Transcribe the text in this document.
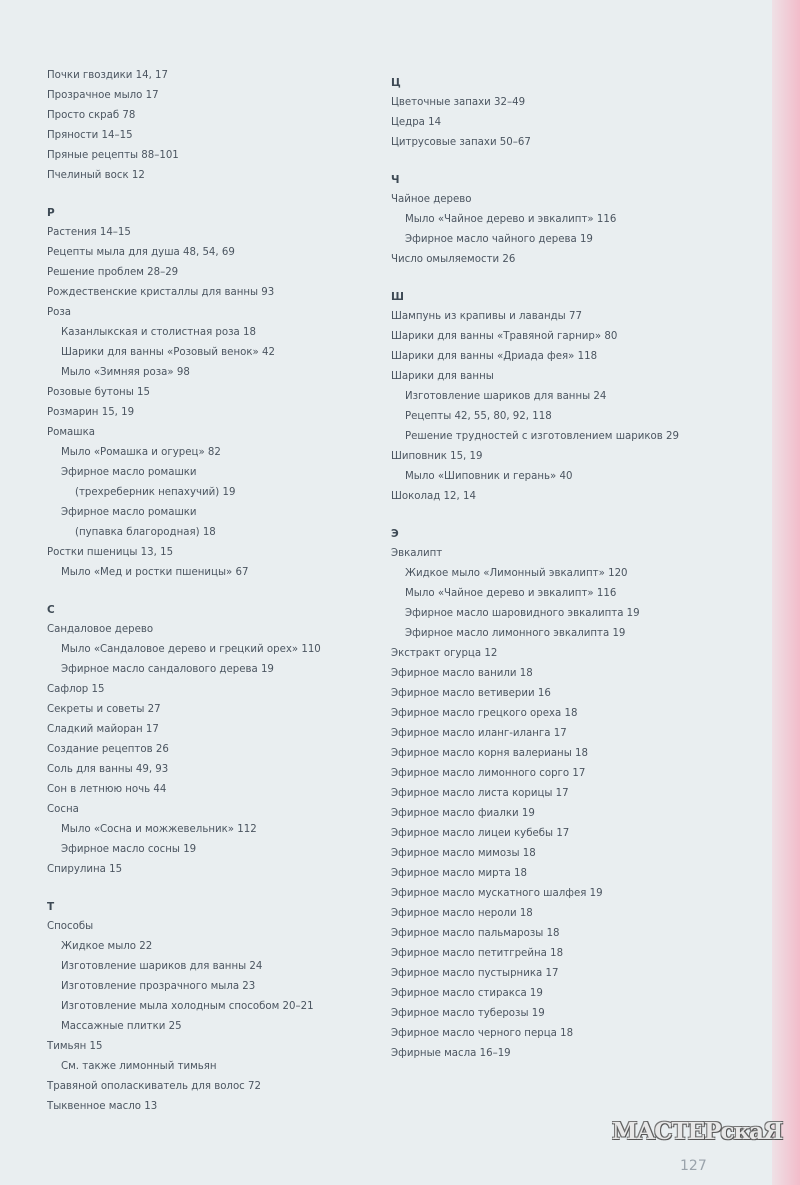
Почки гвоздики 14, 17
Прозрачное мыло 17
Просто скраб 78
Пряности 14–15
Пряные рецепты 88–101
Пчелиный воск 12
Р
Растения 14–15
Рецепты мыла для душа 48, 54, 69
Решение проблем 28–29
Рождественские кристаллы для ванны 93
Роза
Казанлыкская и столистная роза 18
Шарики для ванны «Розовый венок» 42
Мыло «Зимняя роза» 98
Розовые бутоны 15
Розмарин 15, 19
Ромашка
Мыло «Ромашка и огурец» 82
Эфирное масло ромашки
(трехреберник непахучий) 19
Эфирное масло ромашки
(пупавка благородная) 18
Ростки пшеницы 13, 15
Мыло «Мед и ростки пшеницы» 67
С
Сандаловое дерево
Мыло «Сандаловое дерево и грецкий орех» 110
Эфирное масло сандалового дерева 19
Сафлор 15
Секреты и советы 27
Сладкий майоран 17
Создание рецептов 26
Соль для ванны 49, 93
Сон в летнюю ночь 44
Сосна
Мыло «Сосна и можжевельник» 112
Эфирное масло сосны 19
Спирулина 15
Т
Способы
Жидкое мыло 22
Изготовление шариков для ванны 24
Изготовление прозрачного мыла 23
Изготовление мыла холодным способом 20–21
Массажные плитки 25
Тимьян 15
См. также лимонный тимьян
Травяной ополаскиватель для волос 72
Тыквенное масло 13
Ц
Цветочные запахи 32–49
Цедра 14
Цитрусовые запахи 50–67
Ч
Чайное дерево
Мыло «Чайное дерево и эвкалипт» 116
Эфирное масло чайного дерева 19
Число омыляемости 26
Ш
Шампунь из крапивы и лаванды 77
Шарики для ванны «Травяной гарнир» 80
Шарики для ванны «Дриада фея» 118
Шарики для ванны
Изготовление шариков для ванны 24
Рецепты 42, 55, 80, 92, 118
Решение трудностей с изготовлением шариков 29
Шиповник 15, 19
Мыло «Шиповник и герань» 40
Шоколад 12, 14
Э
Эвкалипт
Жидкое мыло «Лимонный эвкалипт» 120
Мыло «Чайное дерево и эвкалипт» 116
Эфирное масло шаровидного эвкалипта 19
Эфирное масло лимонного эвкалипта 19
Экстракт огурца 12
Эфирное масло ванили 18
Эфирное масло ветиверии 16
Эфирное масло грецкого ореха 18
Эфирное масло иланг-иланга 17
Эфирное масло корня валерианы 18
Эфирное масло лимонного сорго 17
Эфирное масло листа корицы 17
Эфирное масло фиалки 19
Эфирное масло лицеи кубебы 17
Эфирное масло мимозы 18
Эфирное масло мирта 18
Эфирное масло мускатного шалфея 19
Эфирное масло нероли 18
Эфирное масло пальмарозы 18
Эфирное масло петитгрейна 18
Эфирное масло пустырника 17
Эфирное масло стиракса 19
Эфирное масло туберозы 19
Эфирное масло черного перца 18
Эфирные масла 16–19
127
МАСТЕРскаЯ
